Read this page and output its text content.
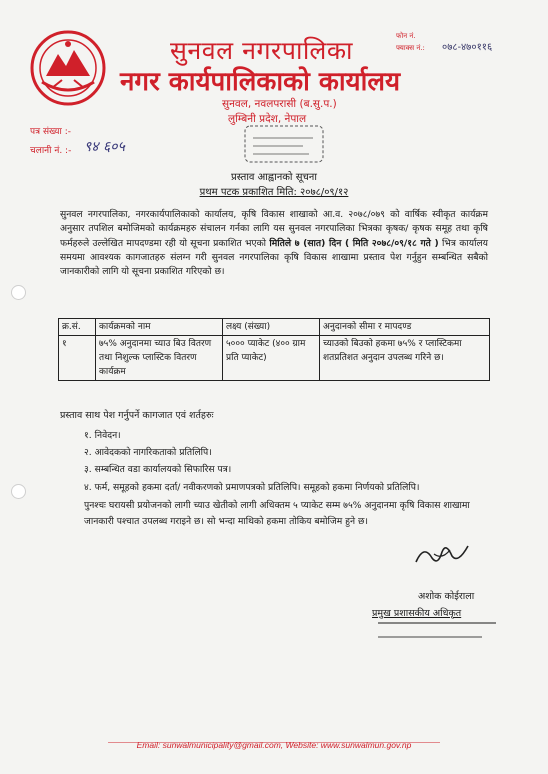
सुनवल नगरपालिका
नगर कार्यपालिकाको कार्यालय
सुनवल, नवलपरासी (ब.सु.प.)
लुम्बिनी प्रदेश, नेपाल
फोन नं.
फ्याक्स नं.: ०७८-४७०११६
पत्र संख्या :-
चलानी नं. :- ९४ ६०५
प्रस्ताव आह्वानको सूचना
प्रथम पटक प्रकाशित मिति: २०७८/०९/१२
सुनवल नगरपालिका, नगरकार्यपालिकाको कार्यालय, कृषि विकास शाखाको आ.व. २०७८/०७९ को वार्षिक स्वीकृत कार्यक्रम अनुसार तपशिल बमोजिमको कार्यक्रमहरु संचालन गर्नका लागि यस सुनवल नगरपालिका भित्रका कृषक/ कृषक समूह तथा कृषि फर्महरुले उल्लेखित मापदण्डमा रही यो सूचना प्रकाशित भएको मितिले ७ (सात) दिन ( मिति २०७८/०९/१८ गते ) भित्र कार्यालय समयमा आवश्यक कागजातहरु संलग्न गरी सुनवल नगरपालिका कृषि विकास शाखामा प्रस्ताव पेश गर्नुहुन सम्बन्धित सबैको जानकारीको लागि यो सूचना प्रकाशित गरिएको छ।
क्र.सं.	कार्यक्रमको नाम	लक्ष्य (संख्या)	अनुदानको सीमा र मापदण्ड
१	७५% अनुदानमा च्याउ बिउ वितरण तथा निशुल्क प्लास्टिक वितरण कार्यक्रम	५००० प्याकेट (४०० ग्राम प्रति प्याकेट)	च्याउको बिउको हकमा ७५% र प्लास्टिकमा शतप्रतिशत अनुदान उपलब्ध गरिने छ।
प्रस्ताव साथ पेश गर्नुपर्ने कागजात एवं शर्तहरुः
१. निवेदन।
२. आवेदकको नागरिकताको प्रतिलिपि।
३. सम्बन्धित वडा कार्यालयको सिफारिस पत्र।
४. फर्म, समूहको हकमा दर्ता/ नवीकरणको प्रमाणपत्रको प्रतिलिपि। समूहको हकमा निर्णयको प्रतिलिपि।
पुनश्चः घरायसी प्रयोजनको लागी च्याउ खेतीको लागी अधिक्तम ५ प्याकेट सम्म ७५% अनुदानमा कृषि विकास शाखामा जानकारी पश्चात उपलब्ध गराइने छ। सो भन्दा माथिको हकमा तोकिय बमोजिम हुने छ।
अशोक कोईराला
प्रमुख प्रशासकीय अधिकृत
Email: sunwalmunicipality@gmail.com, Website: www.sunwalmun.gov.np
